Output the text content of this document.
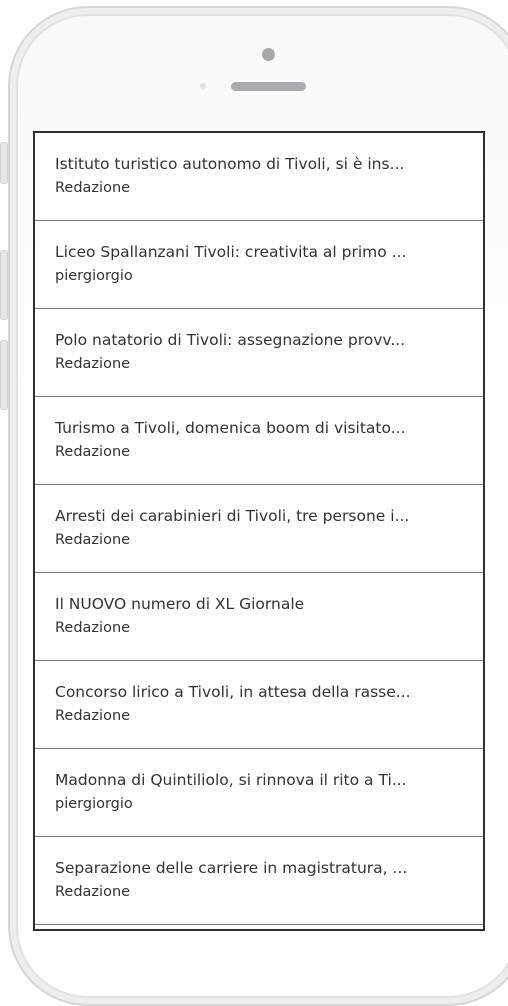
Istituto turistico autonomo di Tivoli, si è ins...
Redazione
Liceo Spallanzani Tivoli: creativita al primo ...
piergiorgio
Polo natatorio di Tivoli: assegnazione provv...
Redazione
Turismo a Tivoli, domenica boom di visitato...
Redazione
Arresti dei carabinieri di Tivoli, tre persone i...
Redazione
Il NUOVO numero di XL Giornale
Redazione
Concorso lirico a Tivoli, in attesa della rasse...
Redazione
Madonna di Quintiliolo, si rinnova il rito a Ti...
piergiorgio
Separazione delle carriere in magistratura, ...
Redazione
